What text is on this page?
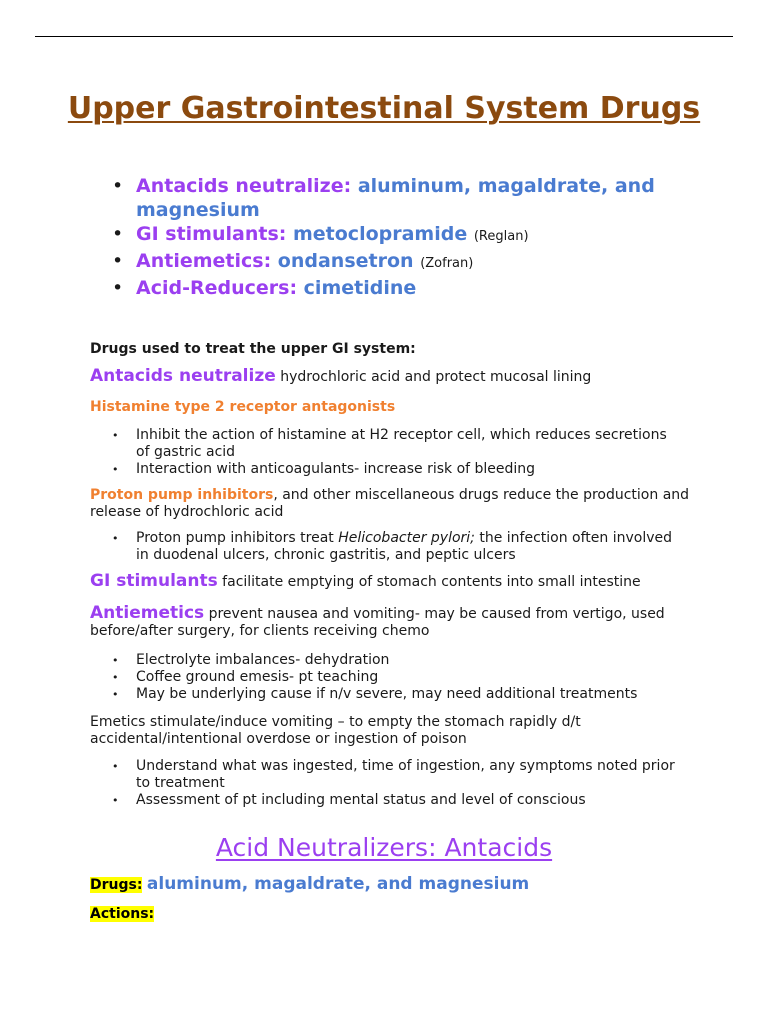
Upper Gastrointestinal System Drugs
• Antacids neutralize: aluminum, magaldrate, and magnesium
• GI stimulants: metoclopramide (Reglan)
• Antiemetics: ondansetron (Zofran)
• Acid-Reducers: cimetidine
Drugs used to treat the upper GI system:
Antacids neutralize hydrochloric acid and protect mucosal lining
Histamine type 2 receptor antagonists
• Inhibit the action of histamine at H2 receptor cell, which reduces secretions of gastric acid
• Interaction with anticoagulants- increase risk of bleeding
Proton pump inhibitors, and other miscellaneous drugs reduce the production and release of hydrochloric acid
• Proton pump inhibitors treat Helicobacter pylori; the infection often involved in duodenal ulcers, chronic gastritis, and peptic ulcers
GI stimulants facilitate emptying of stomach contents into small intestine
Antiemetics prevent nausea and vomiting- may be caused from vertigo, used before/after surgery, for clients receiving chemo
• Electrolyte imbalances- dehydration
• Coffee ground emesis- pt teaching
• May be underlying cause if n/v severe, may need additional treatments
Emetics stimulate/induce vomiting – to empty the stomach rapidly d/t accidental/intentional overdose or ingestion of poison
• Understand what was ingested, time of ingestion, any symptoms noted prior to treatment
• Assessment of pt including mental status and level of conscious
Acid Neutralizers: Antacids
Drugs: aluminum, magaldrate, and magnesium
Actions:
